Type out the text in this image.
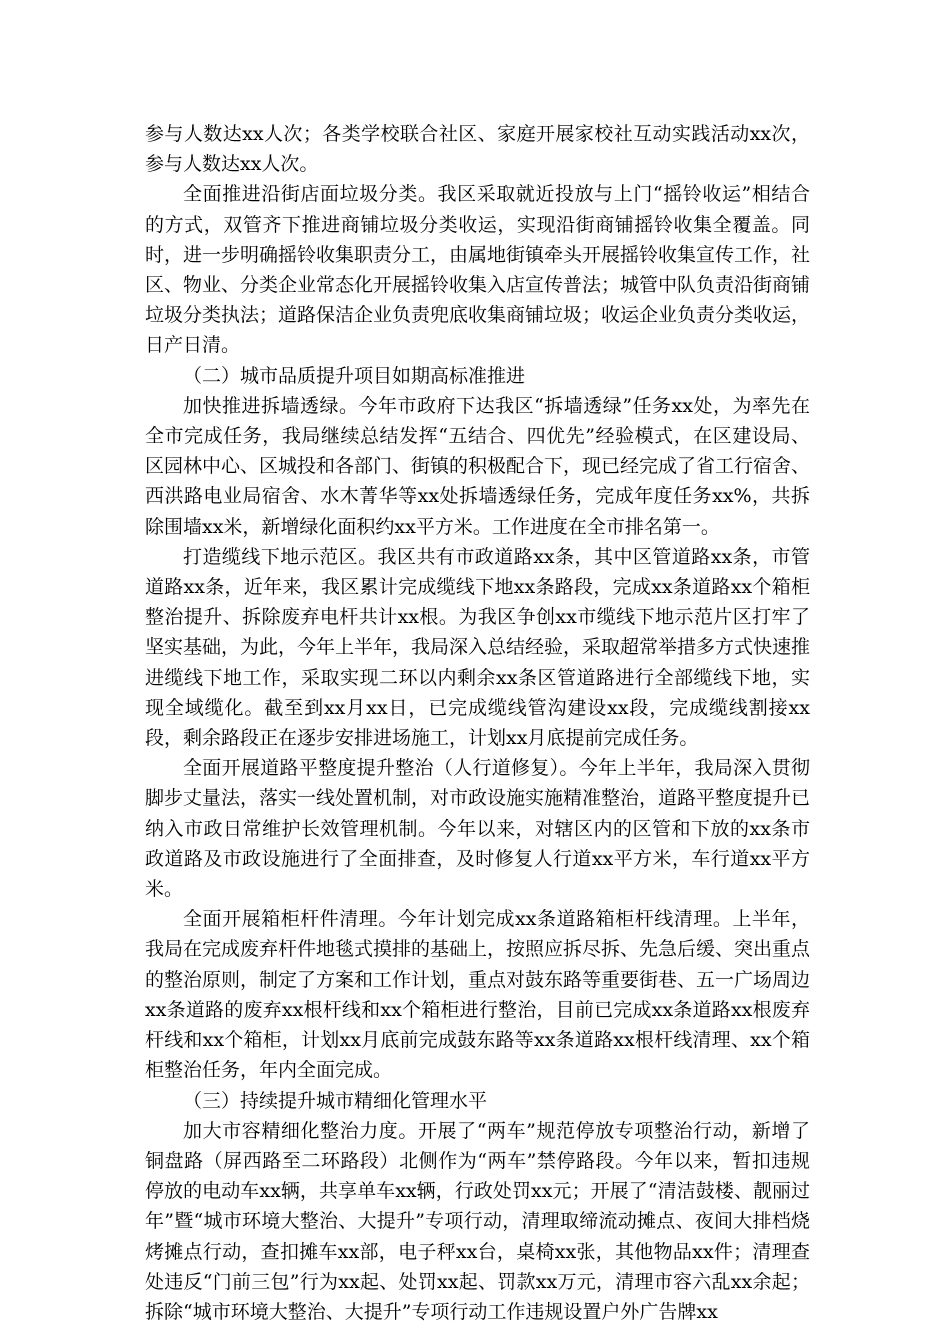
参与人数达xx人次；各类学校联合社区、家庭开展家校社互动实践活动xx次，参与人数达xx人次。

全面推进沿街店面垃圾分类。我区采取就近投放与上门“摇铃收运”相结合的方式，双管齐下推进商铺垃圾分类收运，实现沿街商铺摇铃收集全覆盖。同时，进一步明确摇铃收集职责分工，由属地街镇牵头开展摇铃收集宣传工作，社区、物业、分类企业常态化开展摇铃收集入店宣传普法；城管中队负责沿街商铺垃圾分类执法；道路保洁企业负责兜底收集商铺垃圾；收运企业负责分类收运，日产日清。

（二）城市品质提升项目如期高标准推进

加快推进拆墙透绿。今年市政府下达我区“拆墙透绿”任务xx处，为率先在全市完成任务，我局继续总结发挥“五结合、四优先”经验模式，在区建设局、区园林中心、区城投和各部门、街镇的积极配合下，现已经完成了省工行宿舍、西洪路电业局宿舍、水木菁华等xx处拆墙透绿任务，完成年度任务xx%，共拆除围墙xx米，新增绿化面积约xx平方米。工作进度在全市排名第一。

打造缆线下地示范区。我区共有市政道路xx条，其中区管道路xx条，市管道路xx条，近年来，我区累计完成缆线下地xx条路段，完成xx条道路xx个箱柜整治提升、拆除废弃电杆共计xx根。为我区争创xx市缆线下地示范片区打牢了坚实基础，为此，今年上半年，我局深入总结经验，采取超常举措多方式快速推进缆线下地工作，采取实现二环以内剩余xx条区管道路进行全部缆线下地，实现全域缆化。截至到xx月xx日，已完成缆线管沟建设xx段，完成缆线割接xx段，剩余路段正在逐步安排进场施工，计划xx月底提前完成任务。

全面开展道路平整度提升整治（人行道修复）。今年上半年，我局深入贯彻脚步丈量法，落实一线处置机制，对市政设施实施精准整治，道路平整度提升已纳入市政日常维护长效管理机制。今年以来，对辖区内的区管和下放的xx条市政道路及市政设施进行了全面排查，及时修复人行道xx平方米，车行道xx平方米。

全面开展箱柜杆件清理。今年计划完成xx条道路箱柜杆线清理。上半年，我局在完成废弃杆件地毯式摸排的基础上，按照应拆尽拆、先急后缓、突出重点的整治原则，制定了方案和工作计划，重点对鼓东路等重要街巷、五一广场周边xx条道路的废弃xx根杆线和xx个箱柜进行整治，目前已完成xx条道路xx根废弃杆线和xx个箱柜，计划xx月底前完成鼓东路等xx条道路xx根杆线清理、xx个箱柜整治任务，年内全面完成。

（三）持续提升城市精细化管理水平

加大市容精细化整治力度。开展了“两车”规范停放专项整治行动，新增了铜盘路（屏西路至二环路段）北侧作为“两车”禁停路段。今年以来，暂扣违规停放的电动车xx辆，共享单车xx辆，行政处罚xx元；开展了“清洁鼓楼、靓丽过年”暨“城市环境大整治、大提升”专项行动，清理取缔流动摊点、夜间大排档烧烤摊点行动，查扣摊车xx部，电子秤xx台，桌椅xx张，其他物品xx件；清理查处违反“门前三包”行为xx起、处罚xx起、罚款xx万元，清理市容六乱xx余起；拆除“城市环境大整治、大提升”专项行动工作违规设置户外广告牌xx
